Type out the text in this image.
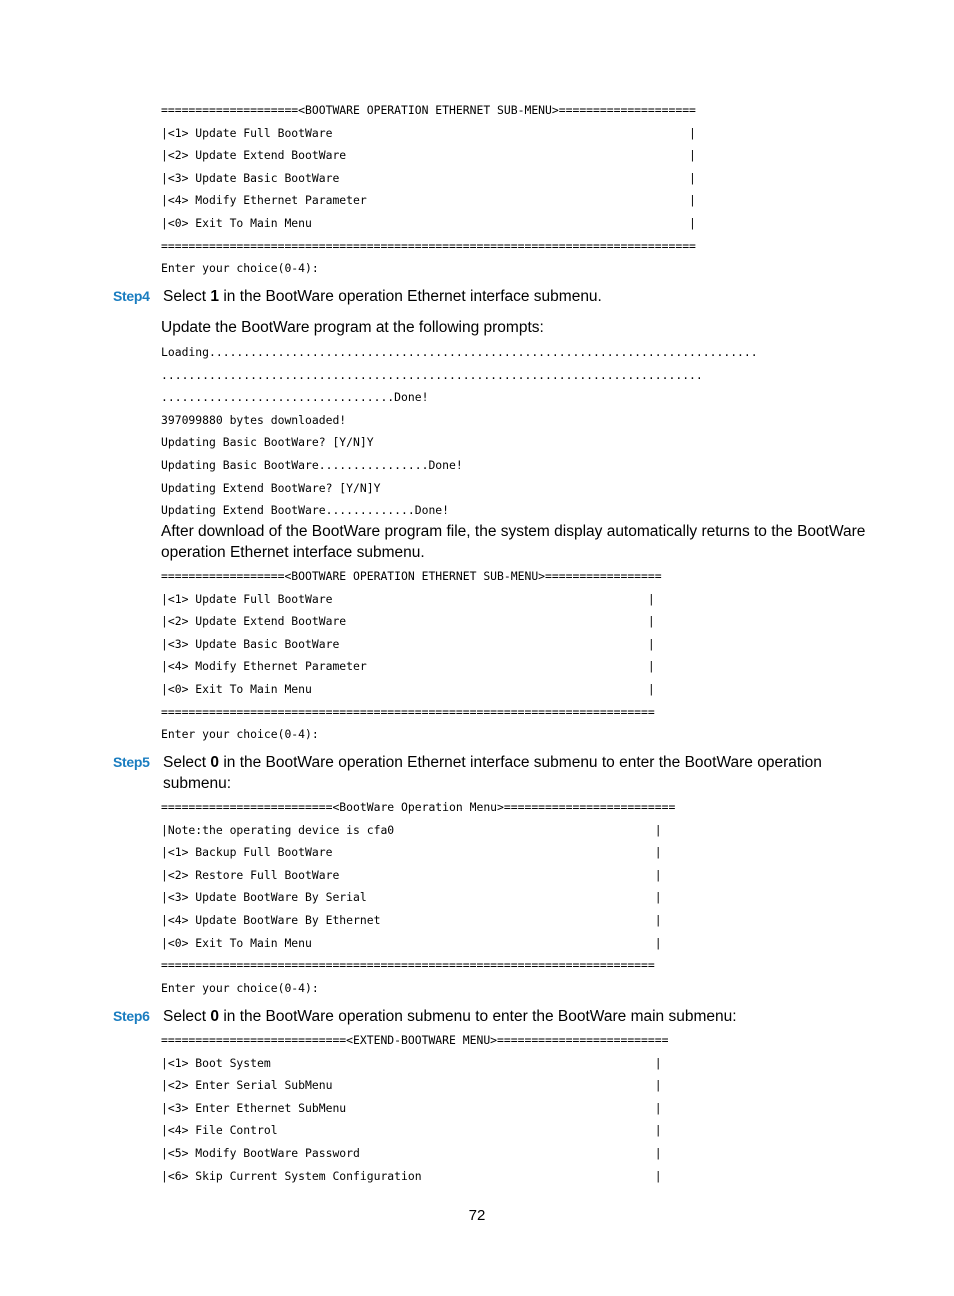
====================<BOOTWARE OPERATION ETHERNET SUB-MENU>====================
|<1> Update Full BootWare                                                    |
|<2> Update Extend BootWare                                                  |
|<3> Update Basic BootWare                                                   |
|<4> Modify Ethernet Parameter                                               |
|<0> Exit To Main Menu                                                       |
==============================================================================
Enter your choice(0-4):
Step4 Select 1 in the BootWare operation Ethernet interface submenu.

Update the BootWare program at the following prompts:

Loading................................................................................
...............................................................................
..................................Done!
397099880 bytes downloaded!
Updating Basic BootWare? [Y/N]Y
Updating Basic BootWare................Done!
Updating Extend BootWare? [Y/N]Y
Updating Extend BootWare.............Done!

After download of the BootWare program file, the system display automatically returns to the BootWare operation Ethernet interface submenu.

==================<BOOTWARE OPERATION ETHERNET SUB-MENU>=================
|<1> Update Full BootWare                                              |
|<2> Update Extend BootWare                                            |
|<3> Update Basic BootWare                                             |
|<4> Modify Ethernet Parameter                                         |
|<0> Exit To Main Menu                                                 |
========================================================================
Enter your choice(0-4):
Step5 Select 0 in the BootWare operation Ethernet interface submenu to enter the BootWare operation submenu:

=========================<BootWare Operation Menu>=========================
|Note:the operating device is cfa0                                      |
|<1> Backup Full BootWare                                               |
|<2> Restore Full BootWare                                              |
|<3> Update BootWare By Serial                                          |
|<4> Update BootWare By Ethernet                                        |
|<0> Exit To Main Menu                                                  |
========================================================================
Enter your choice(0-4):
Step6 Select 0 in the BootWare operation submenu to enter the BootWare main submenu:

===========================<EXTEND-BOOTWARE MENU>=========================
|<1> Boot System                                                        |
|<2> Enter Serial SubMenu                                               |
|<3> Enter Ethernet SubMenu                                             |
|<4> File Control                                                       |
|<5> Modify BootWare Password                                           |
|<6> Skip Current System Configuration                                  |
72
